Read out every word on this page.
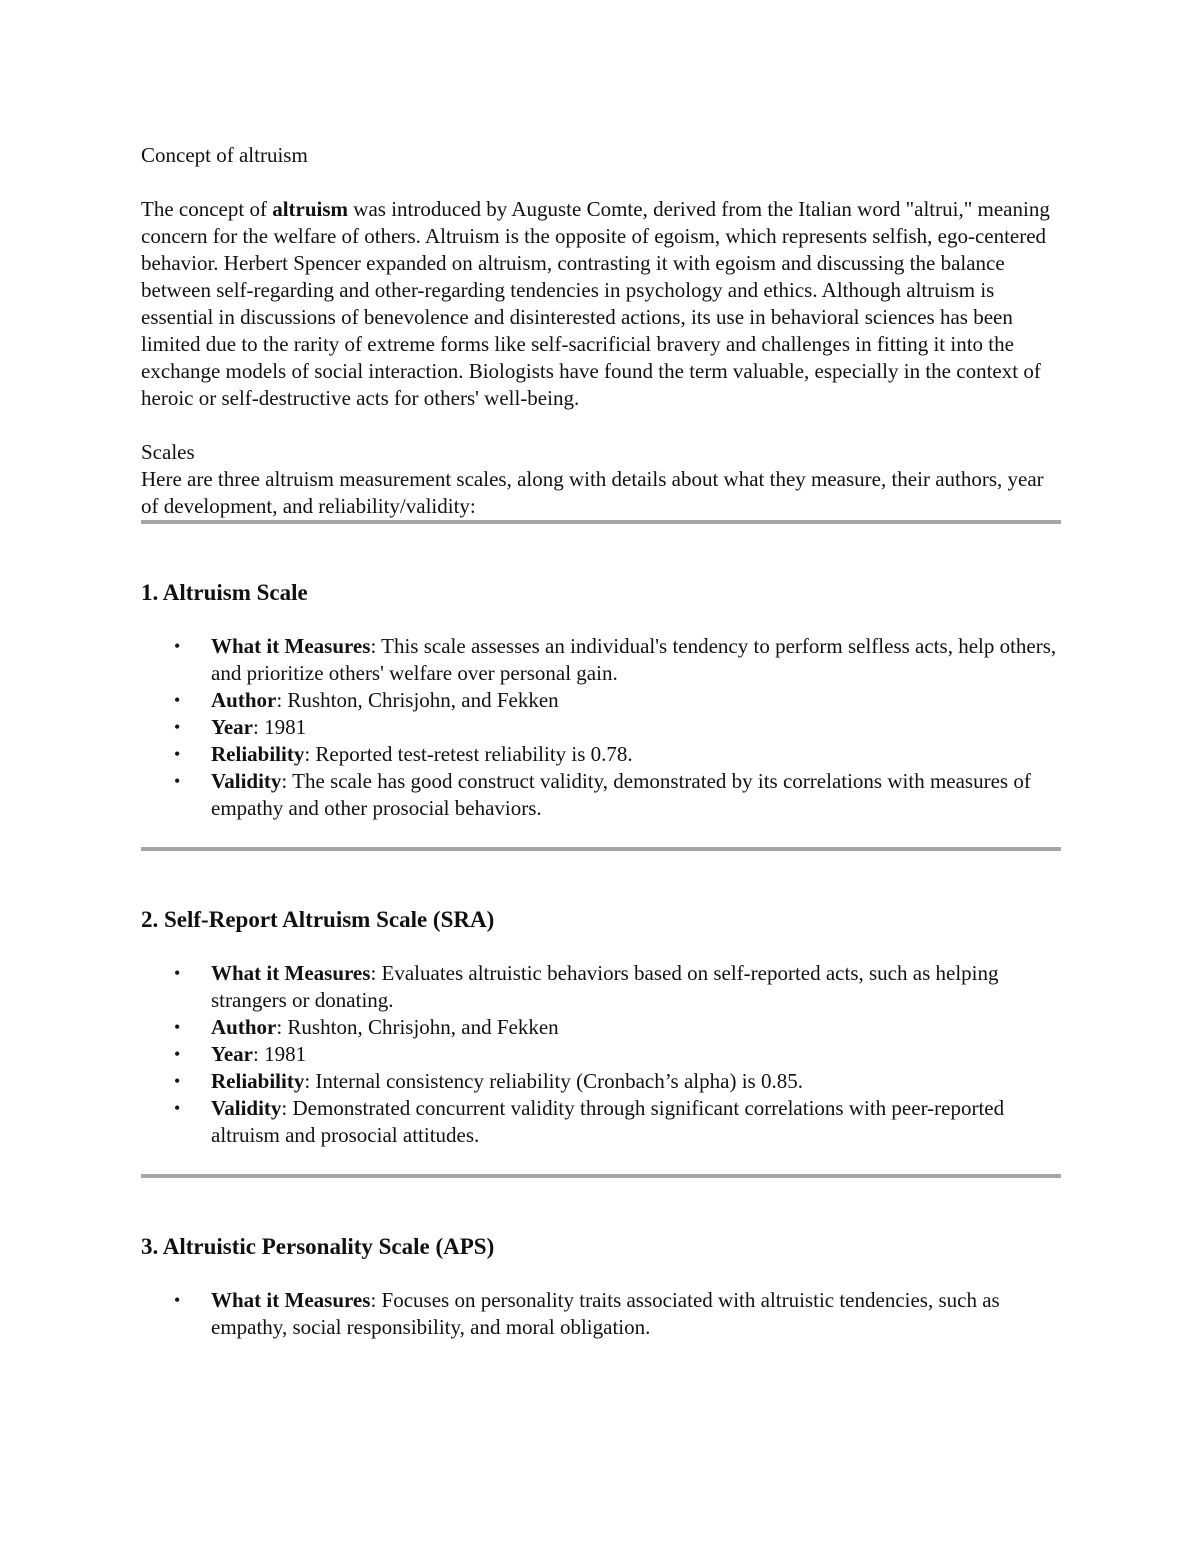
Concept of altruism

The concept of altruism was introduced by Auguste Comte, derived from the Italian word "altrui," meaning concern for the welfare of others. Altruism is the opposite of egoism, which represents selfish, ego-centered behavior. Herbert Spencer expanded on altruism, contrasting it with egoism and discussing the balance between self-regarding and other-regarding tendencies in psychology and ethics. Although altruism is essential in discussions of benevolence and disinterested actions, its use in behavioral sciences has been limited due to the rarity of extreme forms like self-sacrificial bravery and challenges in fitting it into the exchange models of social interaction. Biologists have found the term valuable, especially in the context of heroic or self-destructive acts for others' well-being.

Scales

Here are three altruism measurement scales, along with details about what they measure, their authors, year of development, and reliability/validity:

1. Altruism Scale
• What it Measures: This scale assesses an individual's tendency to perform selfless acts, help others, and prioritize others' welfare over personal gain.
• Author: Rushton, Chrisjohn, and Fekken
• Year: 1981
• Reliability: Reported test-retest reliability is 0.78.
• Validity: The scale has good construct validity, demonstrated by its correlations with measures of empathy and other prosocial behaviors.
2. Self-Report Altruism Scale (SRA)
• What it Measures: Evaluates altruistic behaviors based on self-reported acts, such as helping strangers or donating.
• Author: Rushton, Chrisjohn, and Fekken
• Year: 1981
• Reliability: Internal consistency reliability (Cronbach’s alpha) is 0.85.
• Validity: Demonstrated concurrent validity through significant correlations with peer-reported altruism and prosocial attitudes.
3. Altruistic Personality Scale (APS)
• What it Measures: Focuses on personality traits associated with altruistic tendencies, such as empathy, social responsibility, and moral obligation.
